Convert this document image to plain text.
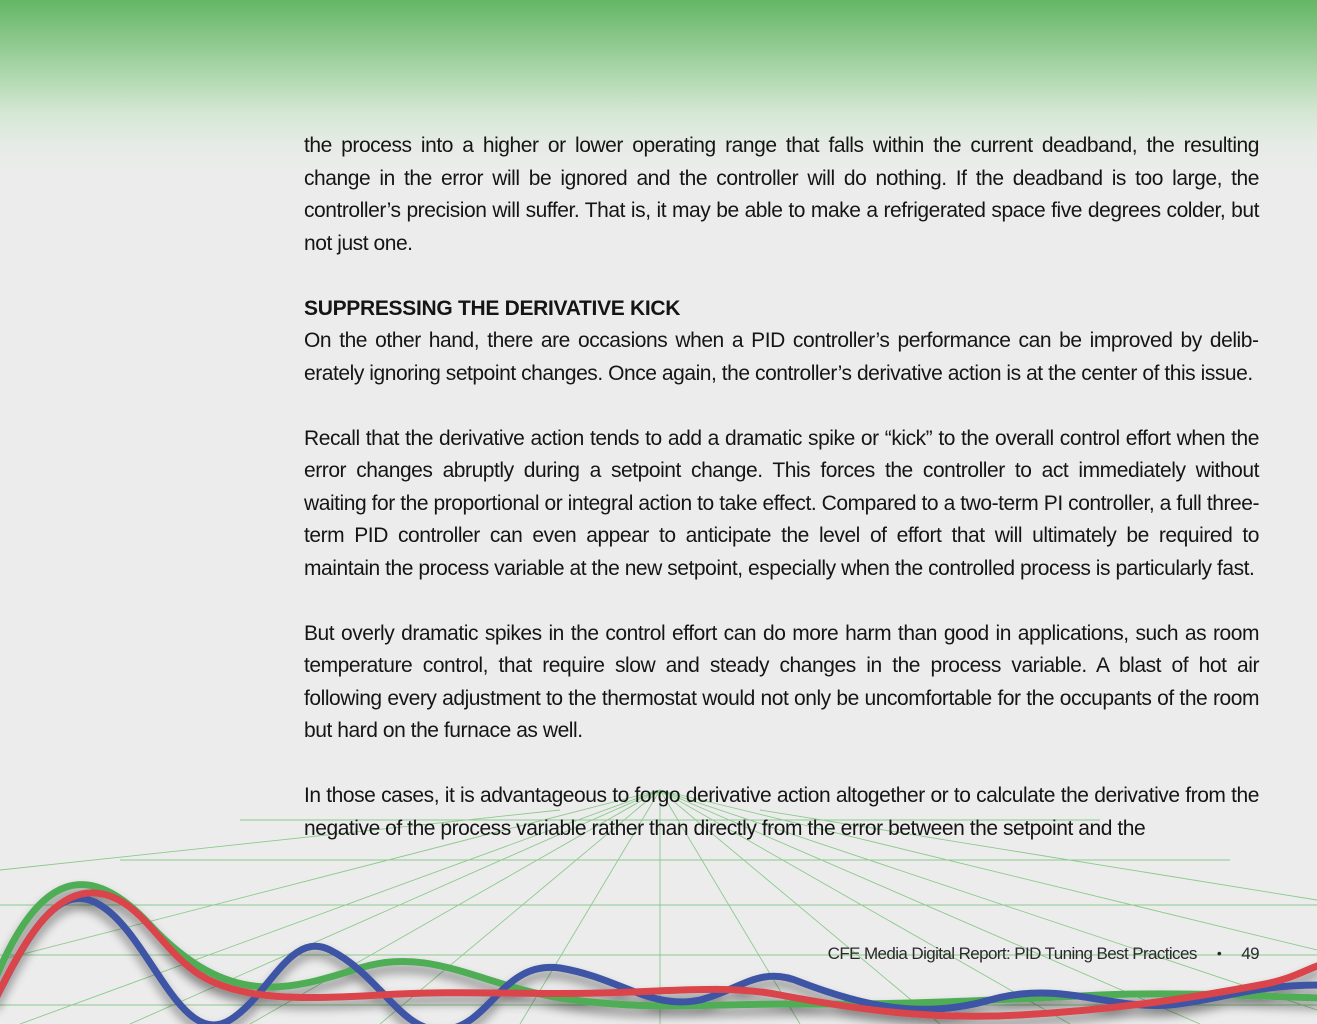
the process into a higher or lower operating range that falls within the current deadband, the resulting change in the error will be ignored and the controller will do nothing. If the deadband is too large, the controller’s precision will suffer. That is, it may be able to make a refrigerated space five degrees colder, but not just one.

SUPPRESSING THE DERIVATIVE KICK

On the other hand, there are occasions when a PID controller’s performance can be improved by deliberately ignoring setpoint changes. Once again, the controller’s derivative action is at the center of this issue.

Recall that the derivative action tends to add a dramatic spike or “kick” to the overall control effort when the error changes abruptly during a setpoint change. This forces the controller to act immediately without waiting for the proportional or integral action to take effect. Compared to a two-term PI controller, a full three-term PID controller can even appear to anticipate the level of effort that will ultimately be required to maintain the process variable at the new setpoint, especially when the controlled process is particularly fast.

But overly dramatic spikes in the control effort can do more harm than good in applications, such as room temperature control, that require slow and steady changes in the process variable. A blast of hot air following every adjustment to the thermostat would not only be uncomfortable for the occupants of the room but hard on the furnace as well.

In those cases, it is advantageous to forgo derivative action altogether or to calculate the derivative from the negative of the process variable rather than directly from the error between the setpoint and the

CFE Media Digital Report: PID Tuning Best Practices • 49
